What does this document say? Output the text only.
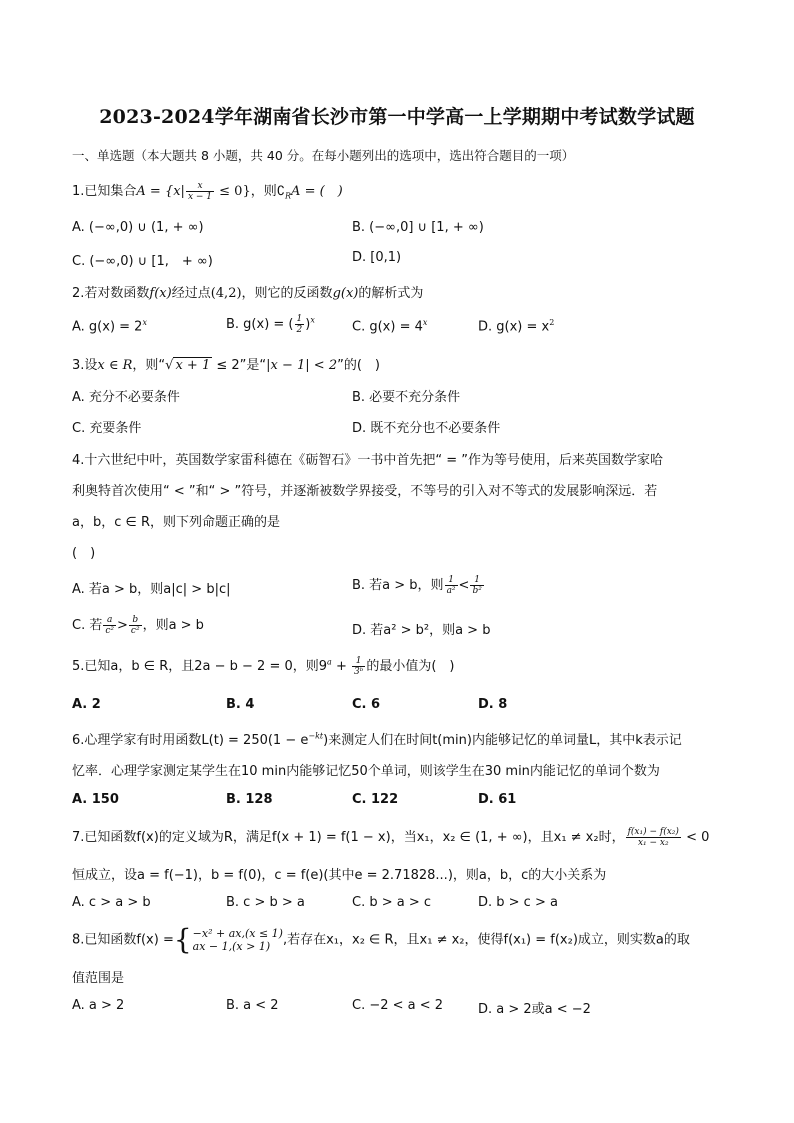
2023-2024学年湖南省长沙市第一中学高一上学期期中考试数学试题
一、单选题（本大题共 8 小题，共 40 分。在每小题列出的选项中，选出符合题目的一项）
1.已知集合$A = \{x| \frac{x}{x - 1} \le 0\}$，则$∁_RA$ = (　)
A. (−∞,0) ∪ (1, + ∞)	B. (−∞,0] ∪ [1, + ∞)
C. (−∞,0) ∪ [1,　+ ∞)	D. [0,1)
2.若对数函数f(x)经过点(4,2)，则它的反函数g(x)的解析式为
A. $g(x) = 2^x$	B. g(x) = ( $\frac{1}{2} )^x$	C. $g(x) = 4^x$	D. $g(x) = x^2$
3.设x ∈ R，则“√ x + 1 ≤ 2”是“|x − 1| < 2”的(　)
A. 充分不必要条件	B. 必要不充分条件
C. 充要条件	D. 既不充分也不必要条件
4.十六世纪中叶，英国数学家雷科德在《砺智石》一书中首先把“ = ”作为等号使用，后来英国数学家哈
利奥特首次使用“ < ”和“ > ”符号，并逐渐被数学界接受，不等号的引入对不等式的发展影响深远．若
a，b，c ∈ R，则下列命题正确的是
(　)
A. 若a > b，则a|c| > b|c|	B. 若a > b，则 $\frac{1}{\text{a²}} < \frac{1}{\text{b²}}$
C. 若 $\frac{a}{\text{c²}} > \frac{b}{\text{c²}}$ ，则a > b	D. 若a² > b²，则a > b
5.已知a，b ∈ R，且2a − b − 2 = 0，则$9^a + \frac{1}{\text{3ᵇ}}$ 的最小值为(　)
A. 2	B. 4	C. 6	D. 8
6.心理学家有时用函数$L(t) = 250(1 - e^{-kt})$来测定人们在时间t(min)内能够记忆的单词量L，其中k表示记
忆率．心理学家测定某学生在10 min内能够记忆50个单词，则该学生在30 min内能记忆的单词个数为
A. 150	B. 128	C. 122	D. 61
7.已知函数f(x)的定义域为R，满足f(x + 1) = f(1 − x)，当x₁，x₂ ∈ (1, + ∞)，且x₁ ≠ x₂时， $\frac{\text{f(x₁) − f(x₂)}}{\text{x₁ − x₂}} < 0$
恒成立，设a = f(−1)，b = f(0)，c = f(e)(其中e = 2.71828...)，则a，b，c的大小关系为
A. c > a > b	B. c > b > a	C. b > a > c	D. b > c > a
8.已知函数f(x) ={ −x² + ax,(x ≤ 1)
ax − 1,(x > 1) ,若存在x₁，x₂ ∈ R，且x₁ ≠ x₂，使得f(x₁) = f(x₂)成立，则实数a的取
值范围是
A. a > 2	B. a < 2	C. −2 < a < 2	D. a > 2或a < −2
